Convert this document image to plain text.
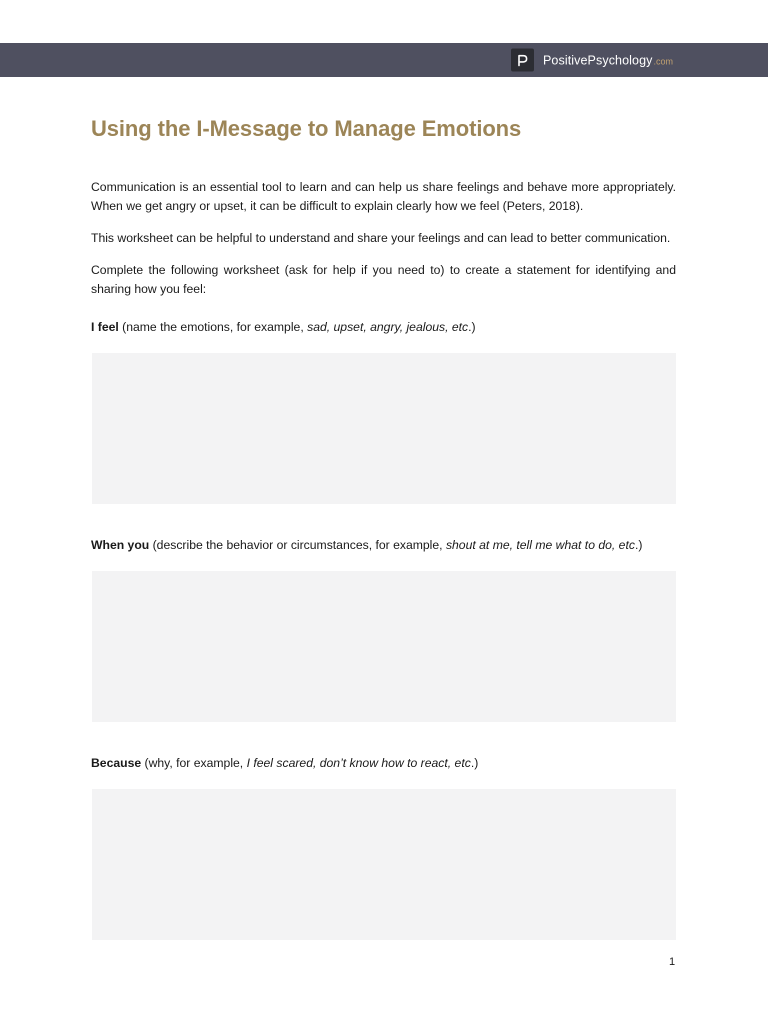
PositivePsychology.com
Using the I-Message to Manage Emotions

Communication is an essential tool to learn and can help us share feelings and behave more appropriately. When we get angry or upset, it can be difficult to explain clearly how we feel (Peters, 2018).

This worksheet can be helpful to understand and share your feelings and can lead to better communication.

Complete the following worksheet (ask for help if you need to) to create a statement for identifying and sharing how you feel:

I feel (name the emotions, for example, sad, upset, angry, jealous, etc.)

When you (describe the behavior or circumstances, for example, shout at me, tell me what to do, etc.)

Because (why, for example, I feel scared, don’t know how to react, etc.)

1
